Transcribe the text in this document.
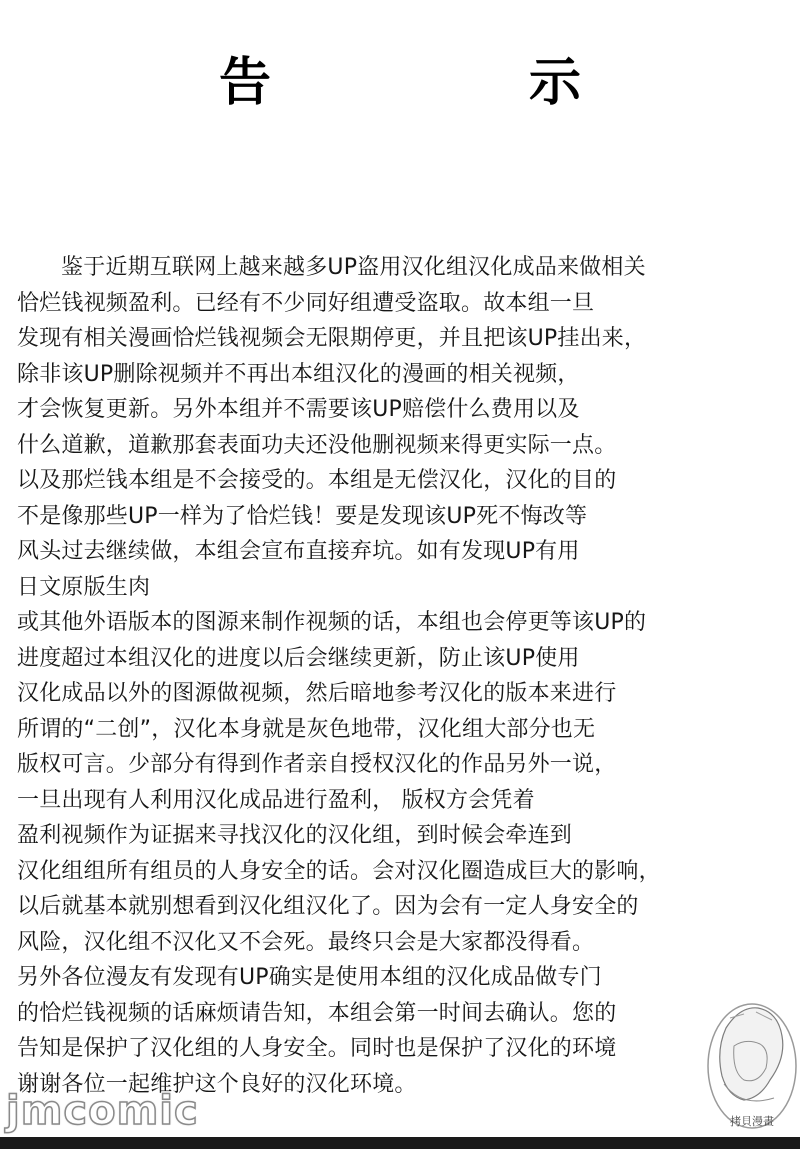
告 示
鉴于近期互联网上越来越多UP盗用汉化组汉化成品来做相关
恰烂钱视频盈利。已经有不少同好组遭受盗取。故本组一旦
发现有相关漫画恰烂钱视频会无限期停更，并且把该UP挂出来，
除非该UP删除视频并不再出本组汉化的漫画的相关视频，
才会恢复更新。另外本组并不需要该UP赔偿什么费用以及
什么道歉，道歉那套表面功夫还没他删视频来得更实际一点。
以及那烂钱本组是不会接受的。本组是无偿汉化，汉化的目的
不是像那些UP一样为了恰烂钱！要是发现该UP死不悔改等
风头过去继续做，本组会宣布直接弃坑。如有发现UP有用
日文原版生肉
或其他外语版本的图源来制作视频的话，本组也会停更等该UP的
进度超过本组汉化的进度以后会继续更新，防止该UP使用
汉化成品以外的图源做视频，然后暗地参考汉化的版本来进行
所谓的“二创”，汉化本身就是灰色地带，汉化组大部分也无
版权可言。少部分有得到作者亲自授权汉化的作品另外一说，
一旦出现有人利用汉化成品进行盈利， 版权方会凭着
盈利视频作为证据来寻找汉化的汉化组，到时候会牵连到
汉化组组所有组员的人身安全的话。会对汉化圈造成巨大的影响，
以后就基本就别想看到汉化组汉化了。因为会有一定人身安全的
风险，汉化组不汉化又不会死。最终只会是大家都没得看。
另外各位漫友有发现有UP确实是使用本组的汉化成品做专门
的恰烂钱视频的话麻烦请告知，本组会第一时间去确认。您的
告知是保护了汉化组的人身安全。同时也是保护了汉化的环境
谢谢各位一起维护这个良好的汉化环境。
jmcomic	拷貝漫畫
